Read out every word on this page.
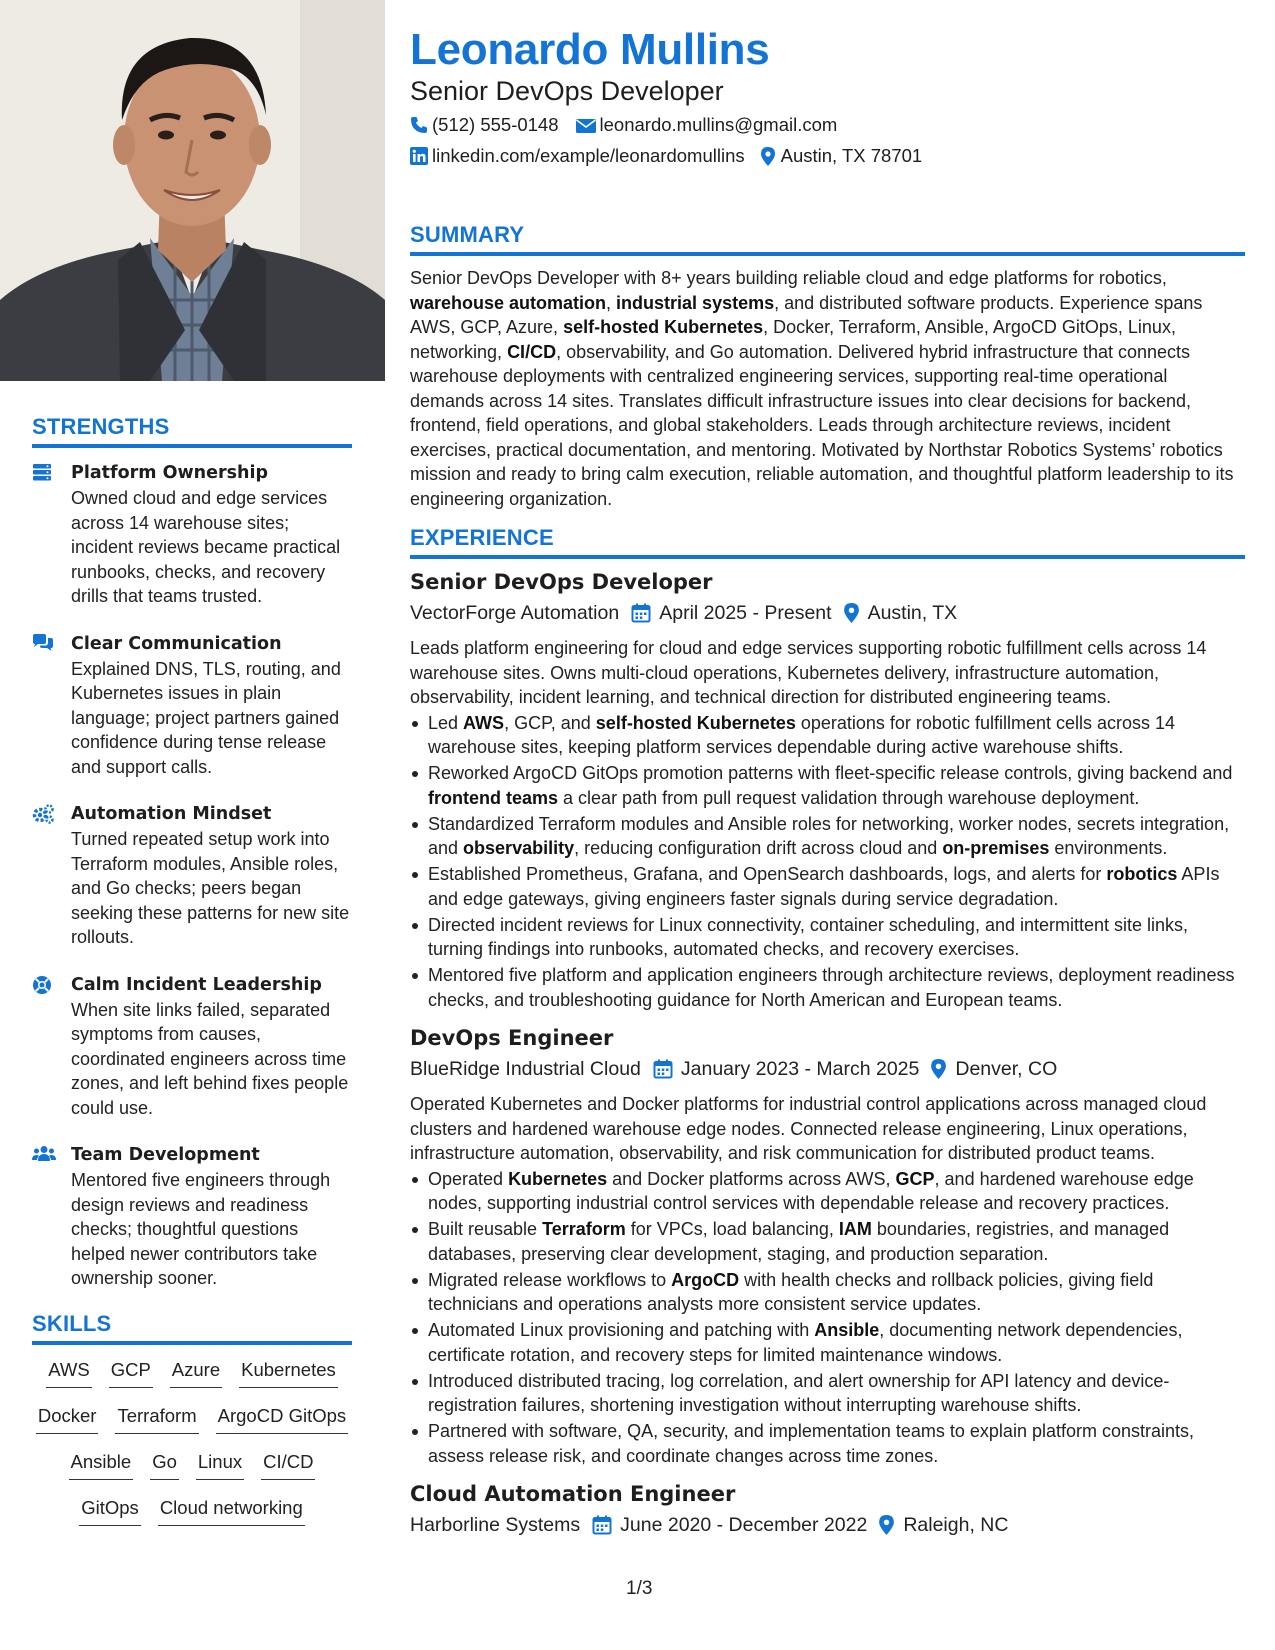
STRENGTHS
Platform Ownership
Owned cloud and edge services across 14 warehouse sites; incident reviews became practical runbooks, checks, and recovery drills that teams trusted.
Clear Communication
Explained DNS, TLS, routing, and Kubernetes issues in plain language; project partners gained confidence during tense release and support calls.
Automation Mindset
Turned repeated setup work into Terraform modules, Ansible roles, and Go checks; peers began seeking these patterns for new site rollouts.
Calm Incident Leadership
When site links failed, separated symptoms from causes, coordinated engineers across time zones, and left behind fixes people could use.
Team Development
Mentored five engineers through design reviews and readiness checks; thoughtful questions helped newer contributors take ownership sooner.
SKILLS
AWS GCP Azure Kubernetes
Docker Terraform ArgoCD GitOps
Ansible Go Linux CI/CD
GitOps Cloud networking
Leonardo Mullins
Senior DevOps Developer
(512) 555-0148 leonardo.mullins@gmail.com
linkedin.com/example/leonardomullins Austin, TX 78701
SUMMARY
Senior DevOps Developer with 8+ years building reliable cloud and edge platforms for robotics, warehouse automation, industrial systems, and distributed software products. Experience spans AWS, GCP, Azure, self-hosted Kubernetes, Docker, Terraform, Ansible, ArgoCD GitOps, Linux, networking, CI/CD, observability, and Go automation. Delivered hybrid infrastructure that connects warehouse deployments with centralized engineering services, supporting real-time operational demands across 14 sites. Translates difficult infrastructure issues into clear decisions for backend, frontend, field operations, and global stakeholders. Leads through architecture reviews, incident exercises, practical documentation, and mentoring. Motivated by Northstar Robotics Systems’ robotics mission and ready to bring calm execution, reliable automation, and thoughtful platform leadership to its engineering organization.
EXPERIENCE
Senior DevOps Developer
VectorForge Automation April 2025 - Present Austin, TX
Leads platform engineering for cloud and edge services supporting robotic fulfillment cells across 14 warehouse sites. Owns multi-cloud operations, Kubernetes delivery, infrastructure automation, observability, incident learning, and technical direction for distributed engineering teams.
Led AWS, GCP, and self-hosted Kubernetes operations for robotic fulfillment cells across 14 warehouse sites, keeping platform services dependable during active warehouse shifts.
Reworked ArgoCD GitOps promotion patterns with fleet-specific release controls, giving backend and frontend teams a clear path from pull request validation through warehouse deployment.
Standardized Terraform modules and Ansible roles for networking, worker nodes, secrets integration, and observability, reducing configuration drift across cloud and on-premises environments.
Established Prometheus, Grafana, and OpenSearch dashboards, logs, and alerts for robotics APIs and edge gateways, giving engineers faster signals during service degradation.
Directed incident reviews for Linux connectivity, container scheduling, and intermittent site links, turning findings into runbooks, automated checks, and recovery exercises.
Mentored five platform and application engineers through architecture reviews, deployment readiness checks, and troubleshooting guidance for North American and European teams.
DevOps Engineer
BlueRidge Industrial Cloud January 2023 - March 2025 Denver, CO
Operated Kubernetes and Docker platforms for industrial control applications across managed cloud clusters and hardened warehouse edge nodes. Connected release engineering, Linux operations, infrastructure automation, observability, and risk communication for distributed product teams.
Operated Kubernetes and Docker platforms across AWS, GCP, and hardened warehouse edge nodes, supporting industrial control services with dependable release and recovery practices.
Built reusable Terraform for VPCs, load balancing, IAM boundaries, registries, and managed databases, preserving clear development, staging, and production separation.
Migrated release workflows to ArgoCD with health checks and rollback policies, giving field technicians and operations analysts more consistent service updates.
Automated Linux provisioning and patching with Ansible, documenting network dependencies, certificate rotation, and recovery steps for limited maintenance windows.
Introduced distributed tracing, log correlation, and alert ownership for API latency and device-registration failures, shortening investigation without interrupting warehouse shifts.
Partnered with software, QA, security, and implementation teams to explain platform constraints, assess release risk, and coordinate changes across time zones.
Cloud Automation Engineer
Harborline Systems June 2020 - December 2022 Raleigh, NC
1/3
